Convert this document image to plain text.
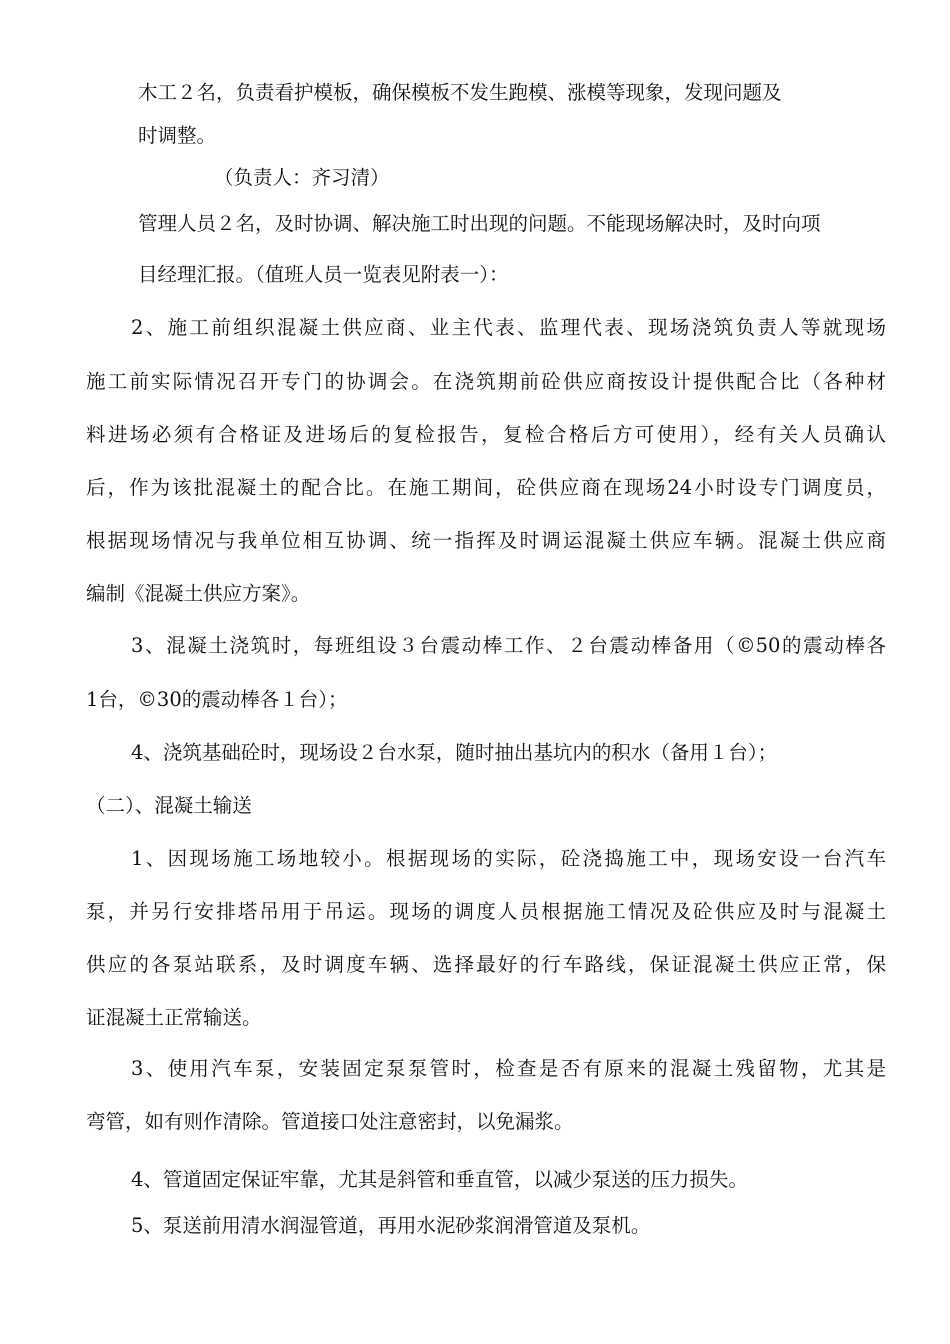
木工２名，负责看护模板，确保模板不发生跑模、涨模等现象，发现问题及

时调整。

（负责人：齐习清）

管理人员２名，及时协调、解决施工时出现的问题。不能现场解决时，及时向项

目经理汇报。（值班人员一览表见附表一）：

2、施工前组织混凝土供应商、业主代表、监理代表、现场浇筑负责人等就现场

施工前实际情况召开专门的协调会。在浇筑期前砼供应商按设计提供配合比（各种材

料进场必须有合格证及进场后的复检报告，复检合格后方可使用），经有关人员确认

后，作为该批混凝土的配合比。在施工期间，砼供应商在现场24小时设专门调度员，

根据现场情况与我单位相互协调、统一指挥及时调运混凝土供应车辆。混凝土供应商

编制《混凝土供应方案》。

3、混凝土浇筑时，每班组设３台震动棒工作、２台震动棒备用（©50的震动棒各

1台，©30的震动棒各１台）；

4、浇筑基础砼时，现场设２台水泵，随时抽出基坑内的积水（备用１台）；

（二）、混凝土输送

1、因现场施工场地较小。根据现场的实际，砼浇捣施工中，现场安设一台汽车

泵，并另行安排塔吊用于吊运。现场的调度人员根据施工情况及砼供应及时与混凝土

供应的各泵站联系，及时调度车辆、选择最好的行车路线，保证混凝土供应正常，保

证混凝土正常输送。

3、使用汽车泵，安装固定泵泵管时，检查是否有原来的混凝土残留物，尤其是

弯管，如有则作清除。管道接口处注意密封，以免漏浆。

4、管道固定保证牢靠，尤其是斜管和垂直管，以减少泵送的压力损失。

5、泵送前用清水润湿管道，再用水泥砂浆润滑管道及泵机。
